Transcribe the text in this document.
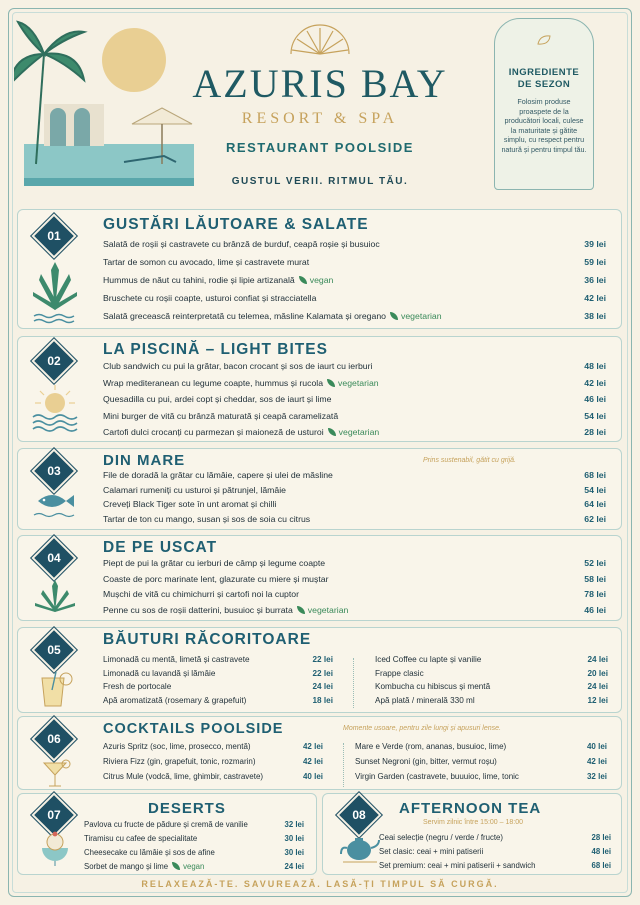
AZURIS BAY
RESORT & SPA
RESTAURANT POOLSIDE
GUSTUL VERII. RITMUL TĂU.
INGREDIENTE
DE SEZON

Folosim produse proaspete de la producători locali, culese la maturitate și gătite simplu, cu respect pentru natură și pentru timpul tău.

01
GUSTĂRI LĂUTOARE & SALATE
Salată de roșii și castravete cu brânză de burduf, ceapă roșie și busuioc	39 lei
Tartar de somon cu avocado, lime și castravete murat	59 lei
Hummus de năut cu tahini, rodie și lipie artizanală vegan	36 lei
Bruschete cu roșii coapte, usturoi confiat și stracciatella	42 lei
Salată grecească reinterpretată cu telemea, măsline Kalamata și oregano vegetarian	38 lei
02
LA PISCINĂ – LIGHT BITES
Club sandwich cu pui la grătar, bacon crocant și sos de iaurt cu ierburi	48 lei
Wrap mediteranean cu legume coapte, hummus și rucola vegetarian	42 lei
Quesadilla cu pui, ardei copt și cheddar, sos de iaurt și lime	46 lei
Mini burger de vită cu brânză maturată și ceapă caramelizată	54 lei
Cartofi dulci crocanți cu parmezan și maioneză de usturoi vegetarian	28 lei
03
DIN MARE	Prins sustenabil, gătit cu grijă.
File de doradă la grătar cu lămâie, capere și ulei de măsline	68 lei
Calamari rumeniți cu usturoi și pătrunjel, lămâie	54 lei
Creveți Black Tiger sote în unt aromat și chilli	64 lei
Tartar de ton cu mango, susan și sos de soia cu citrus	62 lei
04
DE PE USCAT
Piept de pui la grătar cu ierburi de câmp și legume coapte	52 lei
Coaste de porc marinate lent, glazurate cu miere și muștar	58 lei
Mușchi de vită cu chimichurri și cartofi noi la cuptor	78 lei
Penne cu sos de roșii datterini, busuioc și burrata vegetarian	46 lei
05
BĂUTURI RĂCORITOARE
Limonadă cu mentă, limetă și castravete	22 lei
Limonadă cu lavandă și lămâie	22 lei
Fresh de portocale	24 lei
Apă aromatizată (rosemary & grapefuit)	18 lei
Iced Coffee cu lapte și vanilie	24 lei
Frappe clasic	20 lei
Kombucha cu hibiscus și mentă	24 lei
Apă plată / minerală 330 ml	12 lei
06
COCKTAILS POOLSIDE	Momente usoare, pentru zile lungi și apusuri lense.
Azuris Spritz (soc, lime, prosecco, mentă)	42 lei
Riviera Fizz (gin, grapefuit, tonic, rozmarin)	42 lei
Citrus Mule (vodcă, lime, ghimbir, castravete)	40 lei
Mare e Verde (rom, ananas, busuioc, lime)	40 lei
Sunset Negroni (gin, bitter, vermut roșu)	42 lei
Virgin Garden (castravete, buuuioc, lime, tonic	32 lei
07	DESERTS
Pavlova cu fructe de pădure și cremă de vanilie	32 lei
Tiramisu cu cafee de specialitate	30 lei
Cheesecake cu lămâie și sos de afine	30 lei
Sorbet de mango și lime vegan	24 lei
08	AFTERNOON TEA
Servim zilnic între 15:00 – 18:00
Ceai selecție (negru / verde / fructe)	28 lei
Set clasic: ceai + mini patiserii	48 lei
Set premium: ceai + mini patiserii + sandwich	68 lei
RELAXEAZĂ-TE. SAVUREAZĂ. LASĂ-ȚI TIMPUL SĂ CURGĂ.
